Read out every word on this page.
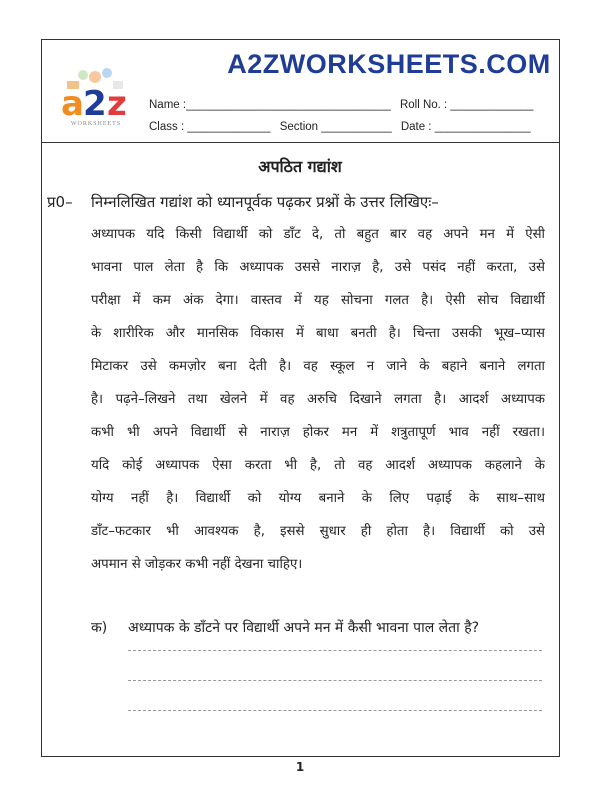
A2ZWORKSHEETS.COM
a 2 z
WORKSHEETS
Name :________________________________ Roll No. : _____________
Class : _____________ Section ___________ Date : _______________
अपठित गद्यांश
प्र0– निम्नलिखित गद्यांश को ध्यानपूर्वक पढ़कर प्रश्नों के उत्तर लिखिएः–
अध्यापक यदि किसी विद्यार्थी को डाँट दे, तो बहुत बार वह अपने मन में ऐसी
भावना पाल लेता है कि अध्यापक उससे नाराज़ है, उसे पसंद नहीं करता, उसे
परीक्षा में कम अंक देगा। वास्तव में यह सोचना गलत है। ऐसी सोच विद्यार्थी
के शारीरिक और मानसिक विकास में बाधा बनती है। चिन्ता उसकी भूख–प्यास
मिटाकर उसे कमज़ोर बना देती है। वह स्कूल न जाने के बहाने बनाने लगता
है। पढ़ने–लिखने तथा खेलने में वह अरुचि दिखाने लगता है। आदर्श अध्यापक
कभी भी अपने विद्यार्थी से नाराज़ होकर मन में शत्रुतापूर्ण भाव नहीं रखता।
यदि कोई अध्यापक ऐसा करता भी है, तो वह आदर्श अध्यापक कहलाने के
योग्य नहीं है। विद्यार्थी को योग्य बनाने के लिए पढ़ाई के साथ–साथ
डाँट–फटकार भी आवश्यक है, इससे सुधार ही होता है। विद्यार्थी को उसे
अपमान से जोड़कर कभी नहीं देखना चाहिए।
क) अध्यापक के डाँटने पर विद्यार्थी अपने मन में कैसी भावना पाल लेता है?
1
